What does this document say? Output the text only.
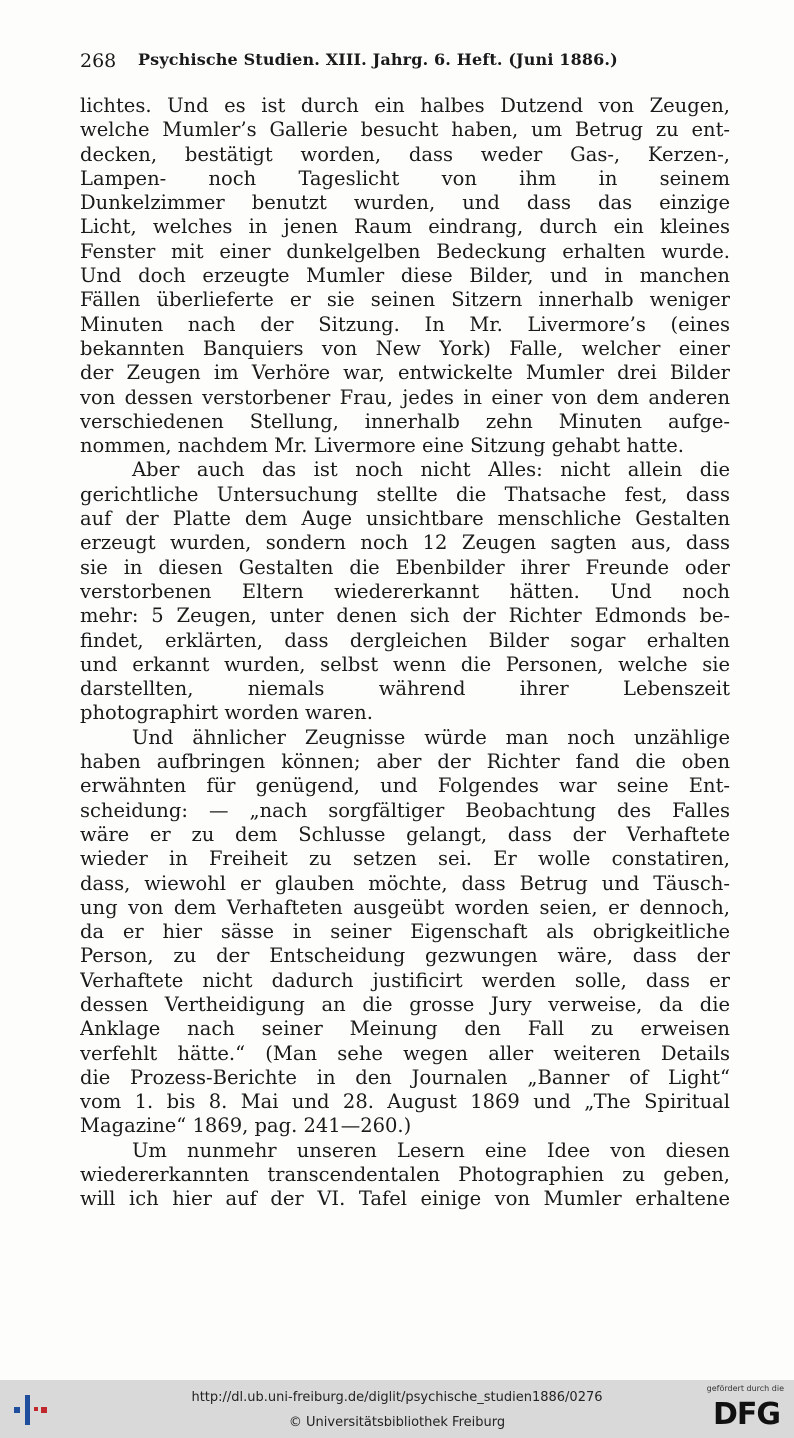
268 Psychische Studien. XIII. Jahrg. 6. Heft. (Juni 1886.)
lichtes. Und es ist durch ein halbes Dutzend von Zeugen,
welche Mumler’s Gallerie besucht haben, um Betrug zu ent-
decken, bestätigt worden, dass weder Gas-, Kerzen-,
Lampen- noch Tageslicht von ihm in seinem
Dunkelzimmer benutzt wurden, und dass das einzige
Licht, welches in jenen Raum eindrang, durch ein kleines
Fenster mit einer dunkelgelben Bedeckung erhalten wurde.
Und doch erzeugte Mumler diese Bilder, und in manchen
Fällen überlieferte er sie seinen Sitzern innerhalb weniger
Minuten nach der Sitzung. In Mr. Livermore’s (eines
bekannten Banquiers von New York) Falle, welcher einer
der Zeugen im Verhöre war, entwickelte Mumler drei Bilder
von dessen verstorbener Frau, jedes in einer von dem anderen
verschiedenen Stellung, innerhalb zehn Minuten aufge-
nommen, nachdem Mr. Livermore eine Sitzung gehabt hatte.
Aber auch das ist noch nicht Alles: nicht allein die
gerichtliche Untersuchung stellte die Thatsache fest, dass
auf der Platte dem Auge unsichtbare menschliche Gestalten
erzeugt wurden, sondern noch 12 Zeugen sagten aus, dass
sie in diesen Gestalten die Ebenbilder ihrer Freunde oder
verstorbenen Eltern wiedererkannt hätten. Und noch
mehr: 5 Zeugen, unter denen sich der Richter Edmonds be-
findet, erklärten, dass dergleichen Bilder sogar erhalten
und erkannt wurden, selbst wenn die Personen, welche sie
darstellten, niemals während ihrer Lebenszeit
photographirt worden waren.
Und ähnlicher Zeugnisse würde man noch unzählige
haben aufbringen können; aber der Richter fand die oben
erwähnten für genügend, und Folgendes war seine Ent-
scheidung: — „nach sorgfältiger Beobachtung des Falles
wäre er zu dem Schlusse gelangt, dass der Verhaftete
wieder in Freiheit zu setzen sei. Er wolle constatiren,
dass, wiewohl er glauben möchte, dass Betrug und Täusch-
ung von dem Verhafteten ausgeübt worden seien, er dennoch,
da er hier sässe in seiner Eigenschaft als obrigkeitliche
Person, zu der Entscheidung gezwungen wäre, dass der
Verhaftete nicht dadurch justificirt werden solle, dass er
dessen Vertheidigung an die grosse Jury verweise, da die
Anklage nach seiner Meinung den Fall zu erweisen
verfehlt hätte.“ (Man sehe wegen aller weiteren Details
die Prozess-Berichte in den Journalen „Banner of Light“
vom 1. bis 8. Mai und 28. August 1869 und „The Spiritual
Magazine“ 1869, pag. 241—260.)
Um nunmehr unseren Lesern eine Idee von diesen
wiedererkannten transcendentalen Photographien zu geben,
will ich hier auf der VI. Tafel einige von Mumler erhaltene
http://dl.ub.uni-freiburg.de/diglit/psychische_studien1886/0276
© Universitätsbibliothek Freiburg
gefördert durch die
DFG
